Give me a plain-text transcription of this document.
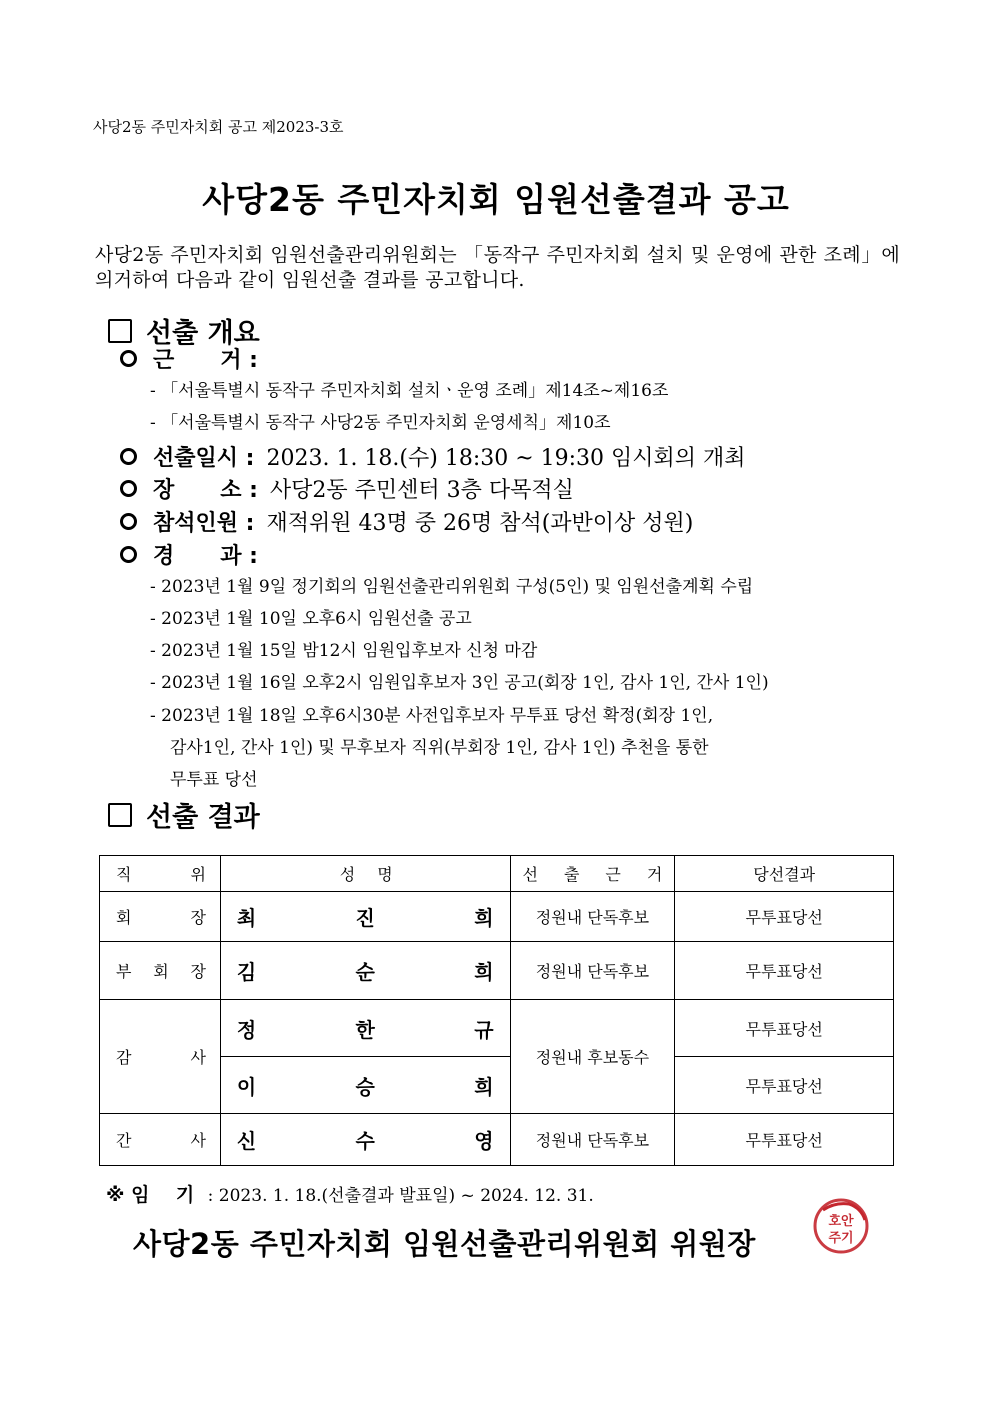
사당2동 주민자치회 공고 제2023-3호
사당2동 주민자치회 임원선출결과 공고
사당2동 주민자치회 임원선출관리위원회는 「동작구 주민자치회 설치 및 운영에 관한 조례」에 의거하여 다음과 같이 임원선출 결과를 공고합니다.
선출 개요
근      거 :
- 「서울특별시 동작구 주민자치회 설치ㆍ운영 조례」제14조~제16조
- 「서울특별시 동작구 사당2동 주민자치회 운영세칙」제10조
선출일시 : 2023. 1. 18.(수) 18:30 ~ 19:30 임시회의 개최
장      소 : 사당2동 주민센터 3층 다목적실
참석인원 : 재적위원 43명 중 26명 참석(과반이상 성원)
경      과 :
- 2023년 1월 9일 정기회의 임원선출관리위원회 구성(5인) 및 임원선출계획 수립
- 2023년 1월 10일 오후6시 임원선출 공고
- 2023년 1월 15일 밤12시 임원입후보자 신청 마감
- 2023년 1월 16일 오후2시 임원입후보자 3인 공고(회장 1인, 감사 1인, 간사 1인)
- 2023년 1월 18일 오후6시30분 사전입후보자 무투표 당선 확정(회장 1인,
감사1인, 간사 1인) 및 무후보자 직위(부회장 1인, 감사 1인) 추천을 통한
무투표 당선
선출 결과
직 위	성 명	선 출 근 거	당선결과

회 장	최 진 희	정원내 단독후보	무투표당선

부 회 장	김 순 희	정원내 단독후보	무투표당선

감 사	정 한 규	정원내 후보동수	무투표당선

	이 승 희		무투표당선

간 사	신 수 영	정원내 단독후보	무투표당선
※ 임    기 : 2023. 1. 18.(선출결과 발표일) ~ 2024. 12. 31.
사당2동 주민자치회 임원선출관리위원회 위원장
호안
주기
